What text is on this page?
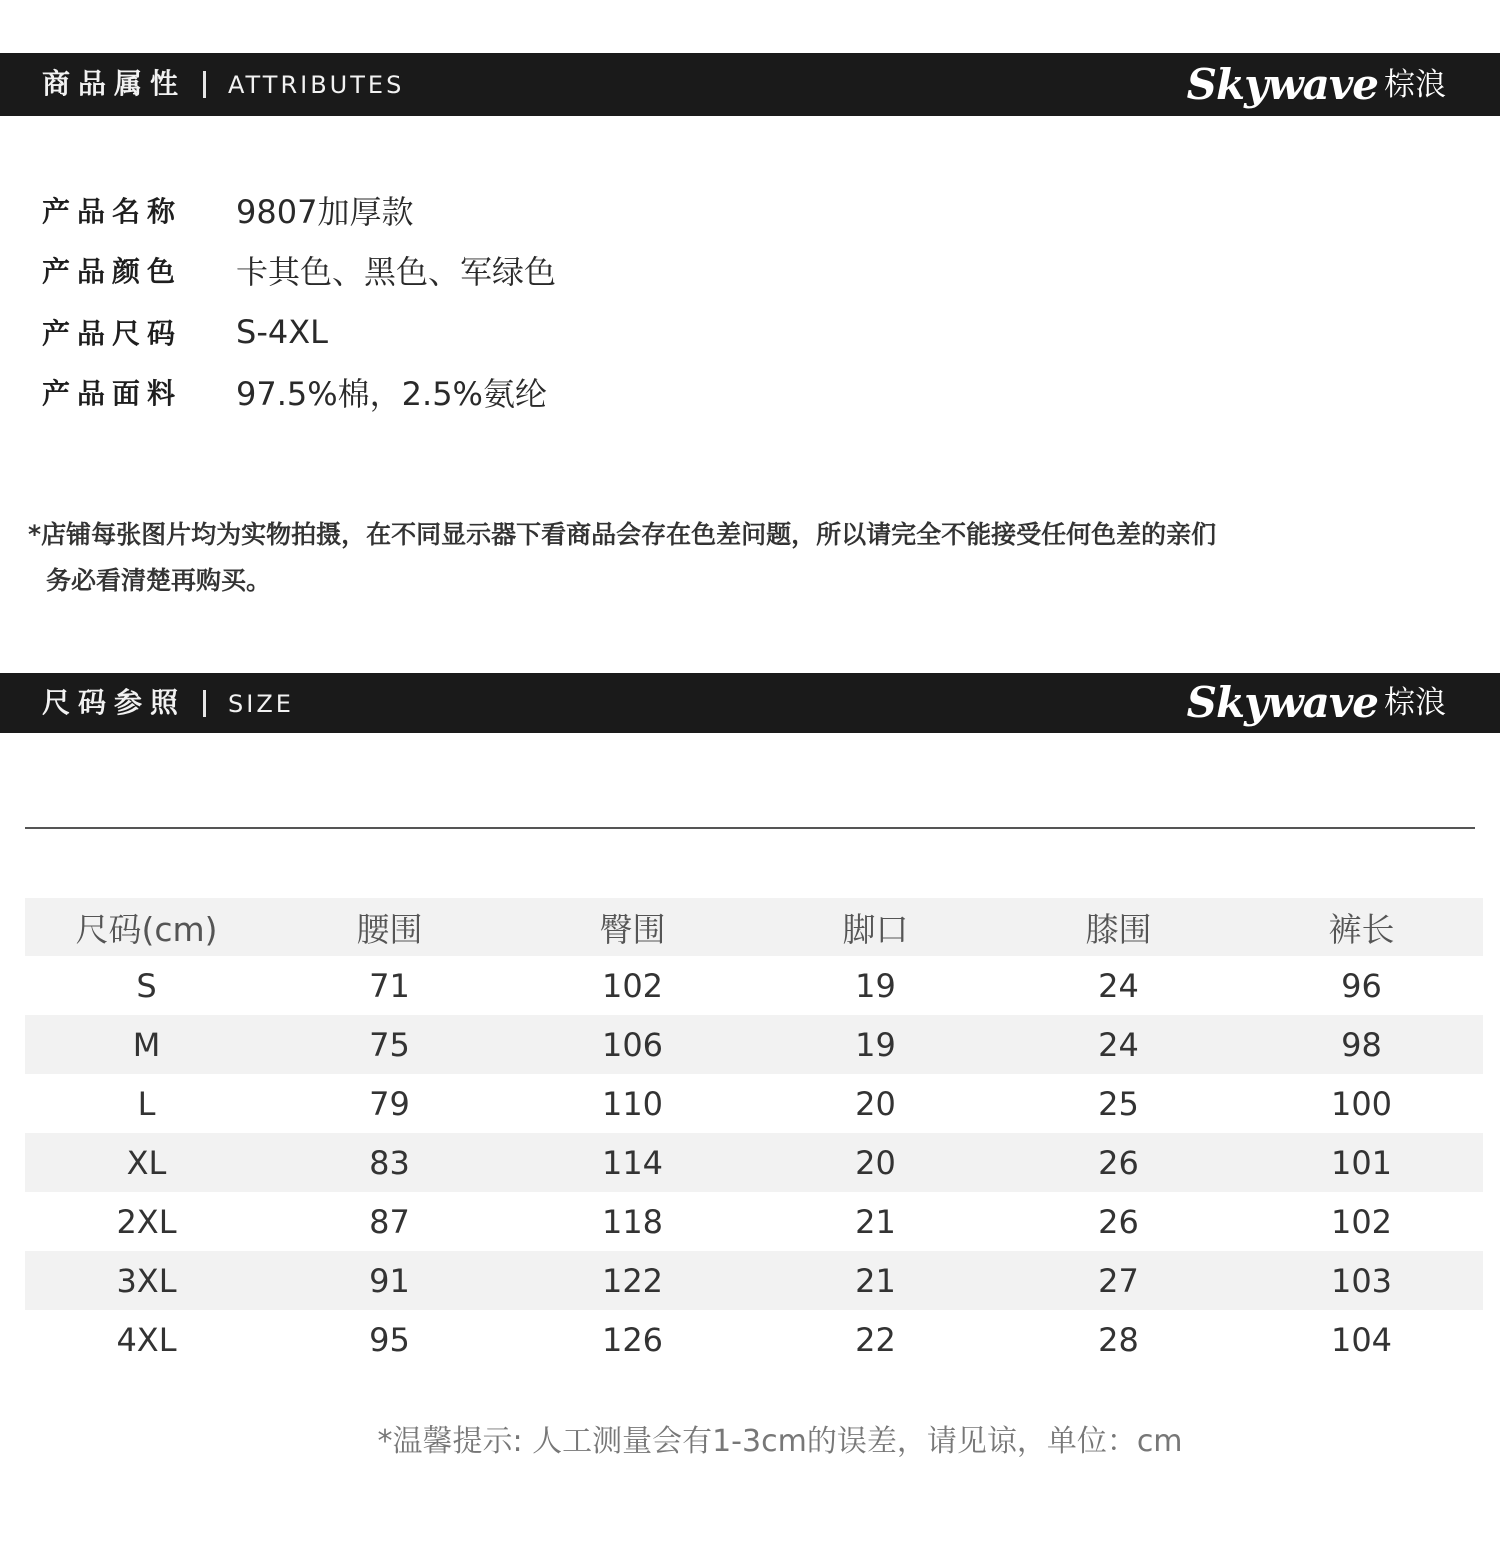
商品属性 ATTRIBUTES	Skywave 棕浪
产品名称	9807加厚款
产品颜色	卡其色、黑色、军绿色
产品尺码	S-4XL
产品面料	97.5%棉，2.5%氨纶
*店铺每张图片均为实物拍摄，在不同显示器下看商品会存在色差问题，所以请完全不能接受任何色差的亲们
务必看清楚再购买。
尺码参照 SIZE	Skywave 棕浪
尺码(cm)	腰围	臀围	脚口	膝围	裤长
S	71	102	19	24	96
M	75	106	19	24	98
L	79	110	20	25	100
XL	83	114	20	26	101
2XL	87	118	21	26	102
3XL	91	122	21	27	103
4XL	95	126	22	28	104
*温馨提示: 人工测量会有1-3cm的误差，请见谅，单位：cm
